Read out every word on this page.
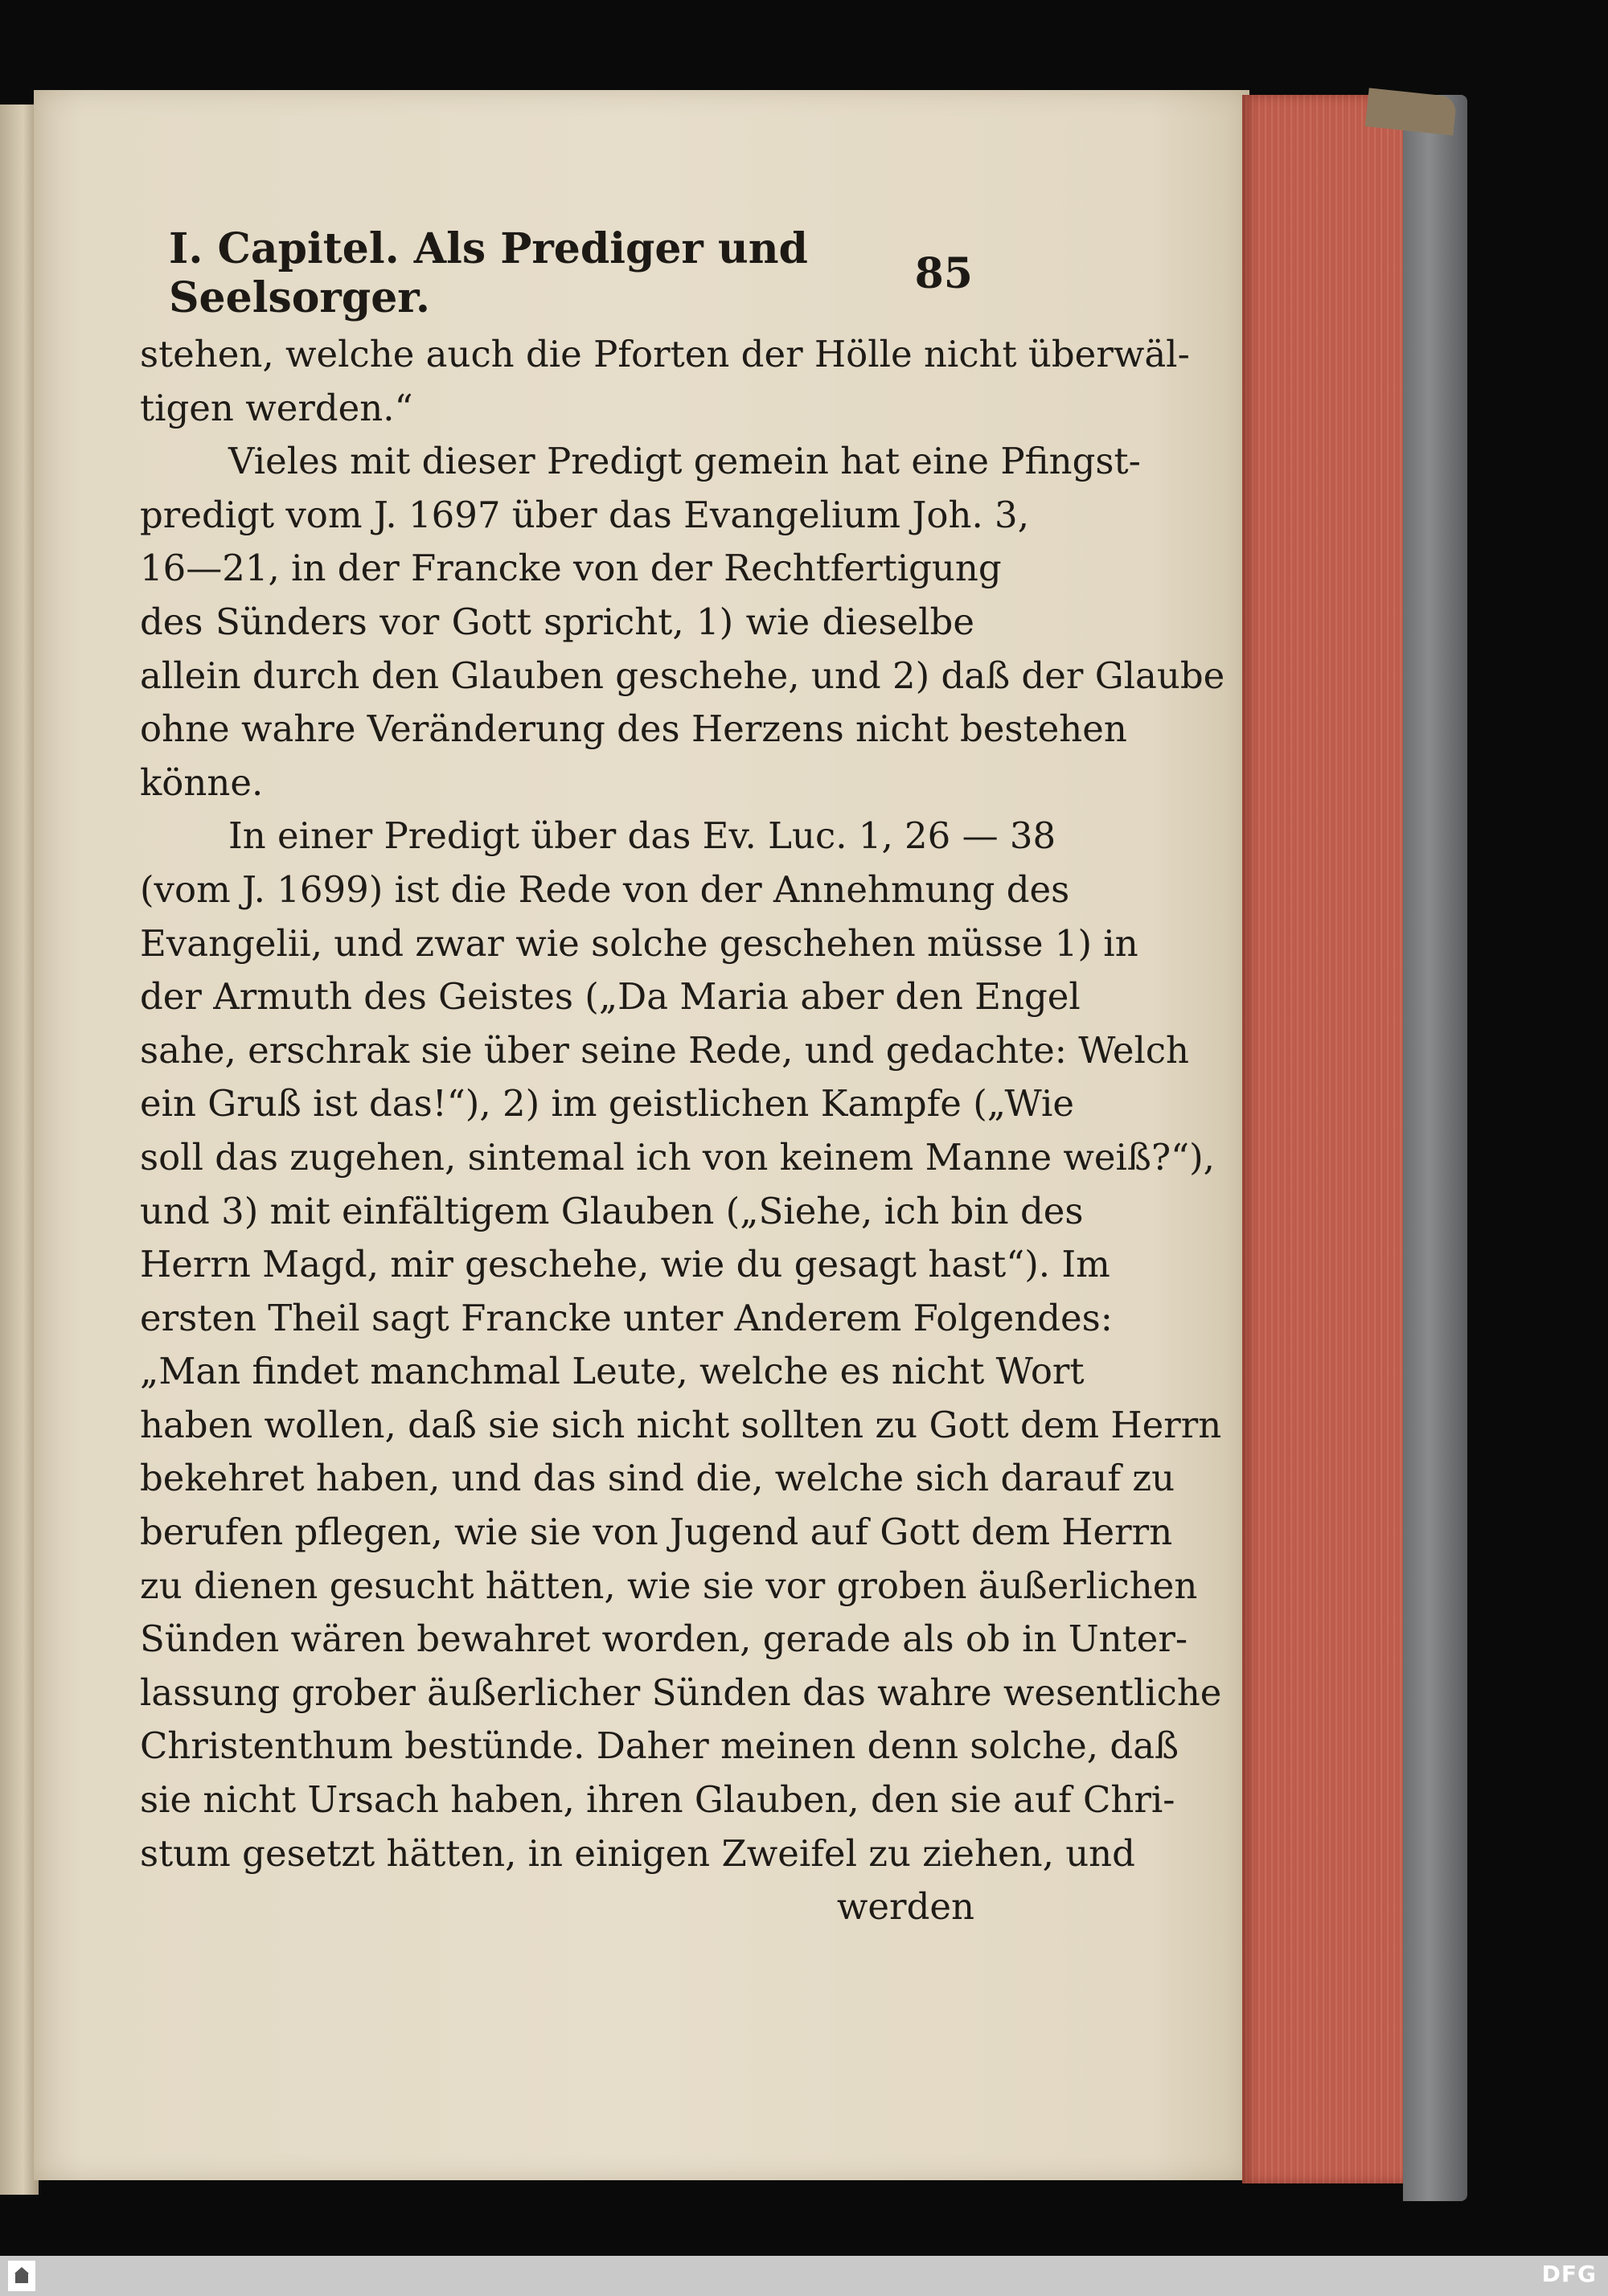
I. Capitel. Als Prediger und Seelsorger.	85
stehen, welche auch die Pforten der Hölle nicht überwäl-
tigen werden.“
Vieles mit dieser Predigt gemein hat eine Pfingst-
predigt vom J. 1697 über das Evangelium Joh. 3,
16—21, in der Francke von der Rechtfertigung
des Sünders vor Gott spricht, 1) wie dieselbe
allein durch den Glauben geschehe, und 2) daß der Glaube
ohne wahre Veränderung des Herzens nicht bestehen
könne.
In einer Predigt über das Ev. Luc. 1, 26 — 38
(vom J. 1699) ist die Rede von der Annehmung des
Evangelii, und zwar wie solche geschehen müsse 1) in
der Armuth des Geistes („Da Maria aber den Engel
sahe, erschrak sie über seine Rede, und gedachte: Welch
ein Gruß ist das!“), 2) im geistlichen Kampfe („Wie
soll das zugehen, sintemal ich von keinem Manne weiß?“),
und 3) mit einfältigem Glauben („Siehe, ich bin des
Herrn Magd, mir geschehe, wie du gesagt hast“). Im
ersten Theil sagt Francke unter Anderem Folgendes:
„Man findet manchmal Leute, welche es nicht Wort
haben wollen, daß sie sich nicht sollten zu Gott dem Herrn
bekehret haben, und das sind die, welche sich darauf zu
berufen pflegen, wie sie von Jugend auf Gott dem Herrn
zu dienen gesucht hätten, wie sie vor groben äußerlichen
Sünden wären bewahret worden, gerade als ob in Unter-
lassung grober äußerlicher Sünden das wahre wesentliche
Christenthum bestünde. Daher meinen denn solche, daß
sie nicht Ursach haben, ihren Glauben, den sie auf Chri-
stum gesetzt hätten, in einigen Zweifel zu ziehen, und
werden
DFG
